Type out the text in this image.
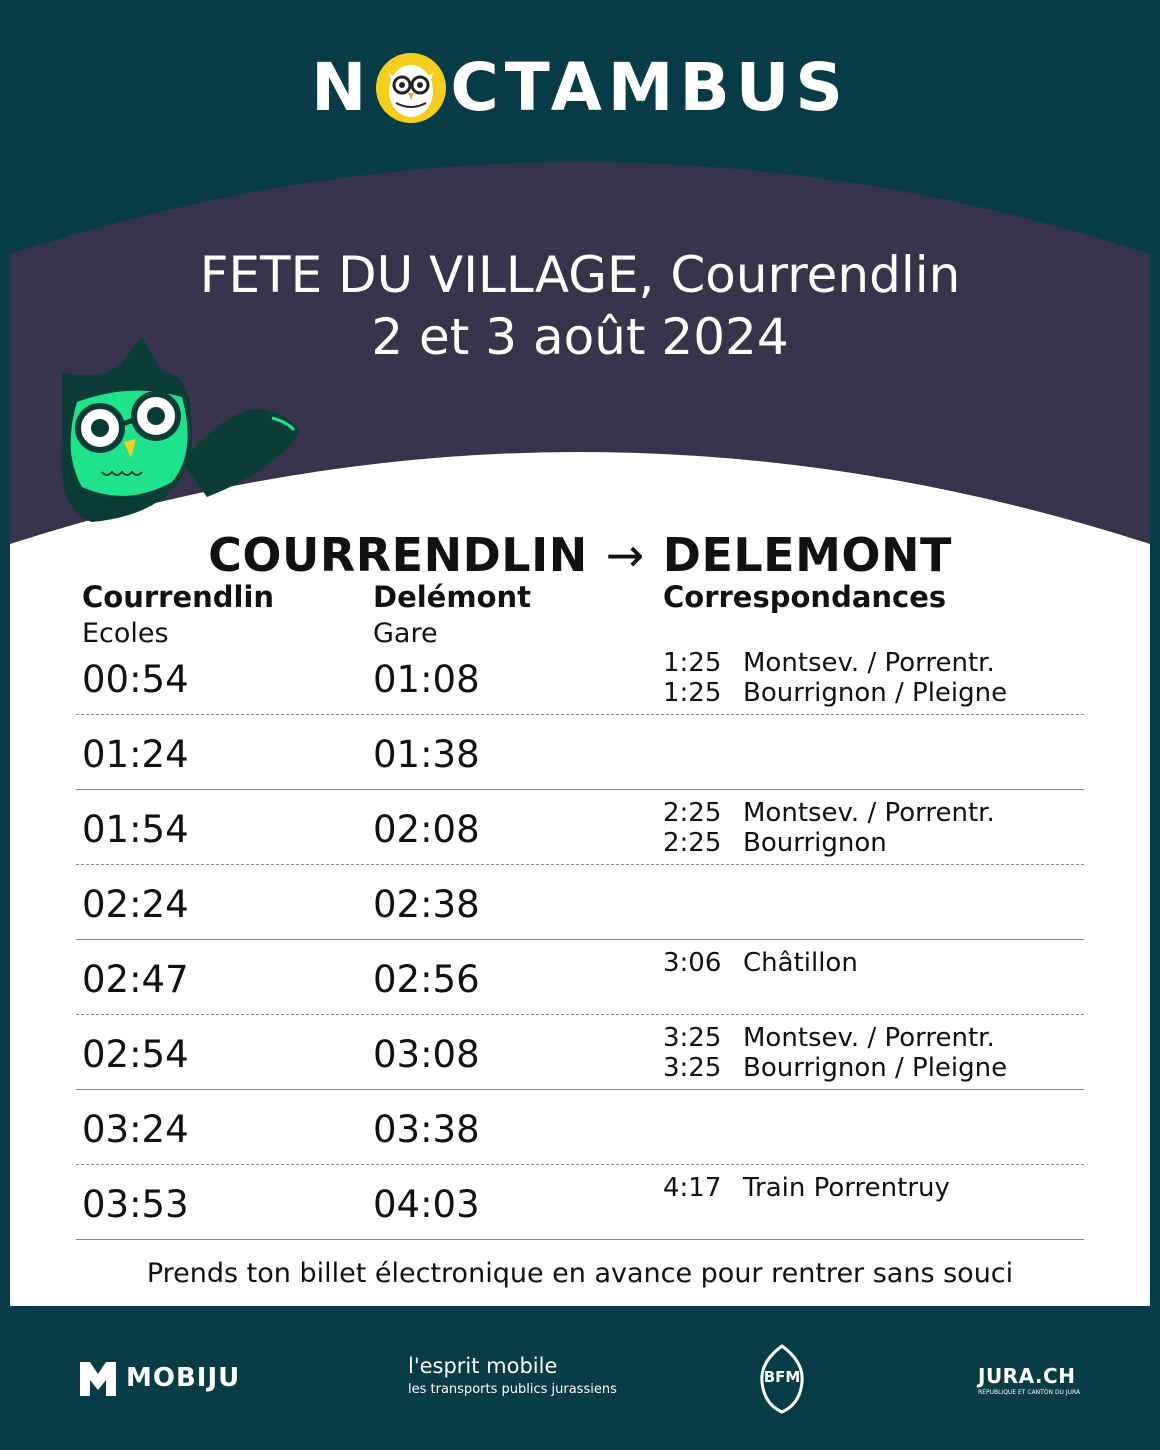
N CTAMBUS
FETE DU VILLAGE, Courrendlin
2 et 3 août 2024
COURRENDLIN → DELEMONT
Courrendlin
Ecoles
Delémont
Gare
Correspondances
00:54	01:08	1:25 Montsev. / Porrentr.
1:25 Bourrignon / Pleigne
01:24	01:38
01:54	02:08	2:25 Montsev. / Porrentr.
2:25 Bourrignon
02:24	02:38
02:47	02:56	3:06 Châtillon
02:54	03:08	3:25 Montsev. / Porrentr.
3:25 Bourrignon / Pleigne
03:24	03:38
03:53	04:03	4:17 Train Porrentruy
Prends ton billet électronique en avance pour rentrer sans souci
MOBIJU	l'esprit mobile
les transports publics jurassiens
BFM	JURA.CH
RÉPUBLIQUE ET CANTON DU JURA
